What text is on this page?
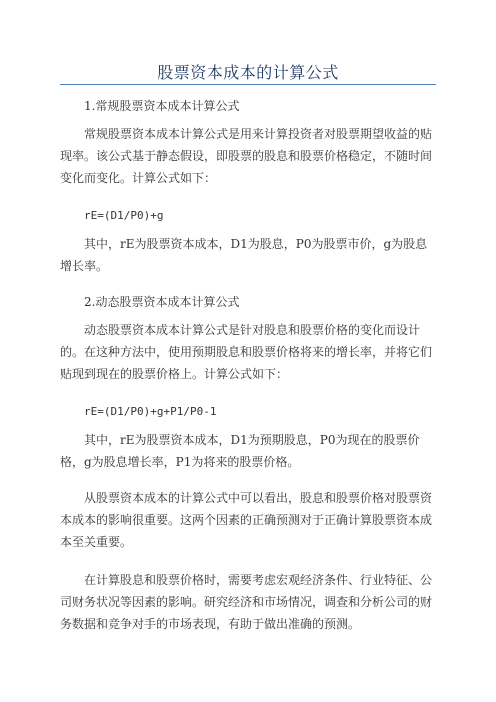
股票资本成本的计算公式

1.常规股票资本成本计算公式

常规股票资本成本计算公式是用来计算投资者对股票期望收益的贴现率。该公式基于静态假设，即股票的股息和股票价格稳定，不随时间变化而变化。计算公式如下：

rE=(D1/P0)+g

其中，rE为股票资本成本，D1为股息，P0为股票市价，g为股息增长率。

2.动态股票资本成本计算公式

动态股票资本成本计算公式是针对股息和股票价格的变化而设计的。在这种方法中，使用预期股息和股票价格将来的增长率，并将它们贴现到现在的股票价格上。计算公式如下：

rE=(D1/P0)+g+P1/P0-1

其中，rE为股票资本成本，D1为预期股息，P0为现在的股票价格，g为股息增长率，P1为将来的股票价格。

从股票资本成本的计算公式中可以看出，股息和股票价格对股票资本成本的影响很重要。这两个因素的正确预测对于正确计算股票资本成本至关重要。

在计算股息和股票价格时，需要考虑宏观经济条件、行业特征、公司财务状况等因素的影响。研究经济和市场情况，调查和分析公司的财务数据和竞争对手的市场表现，有助于做出准确的预测。
